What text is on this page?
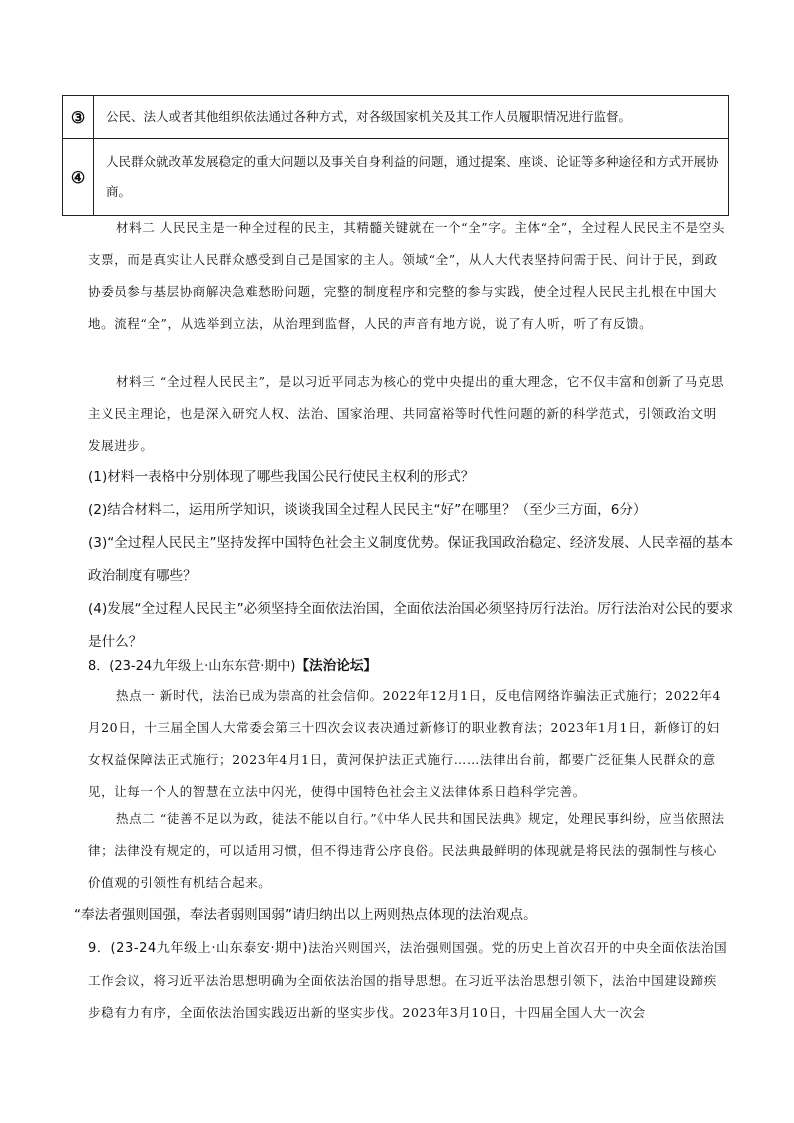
③	公民、法人或者其他组织依法通过各种方式，对各级国家机关及其工作人员履职情况进行监督。
④	人民群众就改革发展稳定的重大问题以及事关自身利益的问题，通过提案、座谈、论证等多种途径和方式开展协商。

材料二 人民民主是一种全过程的民主，其精髓关键就在一个“全”字。主体“全”，全过程人民民主不是空头支票，而是真实让人民群众感受到自己是国家的主人。领域“全”，从人大代表坚持问需于民、问计于民，到政协委员参与基层协商解决急难愁盼问题，完整的制度程序和完整的参与实践，使全过程人民民主扎根在中国大地。流程“全”，从选举到立法，从治理到监督，人民的声音有地方说，说了有人听，听了有反馈。

材料三 “全过程人民民主”，是以习近平同志为核心的党中央提出的重大理念，它不仅丰富和创新了马克思主义民主理论，也是深入研究人权、法治、国家治理、共同富裕等时代性问题的新的科学范式，引领政治文明发展进步。

(1)材料一表格中分别体现了哪些我国公民行使民主权利的形式？
(2)结合材料二，运用所学知识，谈谈我国全过程人民民主“好”在哪里？（至少三方面，6分）
(3)“全过程人民民主”坚持发挥中国特色社会主义制度优势。保证我国政治稳定、经济发展、人民幸福的基本政治制度有哪些？
(4)发展“全过程人民民主”必须坚持全面依法治国，全面依法治国必须坚持厉行法治。厉行法治对公民的要求是什么？
8．(23-24九年级上·山东东营·期中)【法治论坛】

热点一 新时代，法治已成为崇高的社会信仰。2022年12月1日，反电信网络诈骗法正式施行；2022年4月20日，十三届全国人大常委会第三十四次会议表决通过新修订的职业教育法；2023年1月1日，新修订的妇女权益保障法正式施行；2023年4月1日，黄河保护法正式施行……法律出台前，都要广泛征集人民群众的意见，让每一个人的智慧在立法中闪光，使得中国特色社会主义法律体系日趋科学完善。

热点二 “徒善不足以为政，徒法不能以自行。”《中华人民共和国民法典》规定，处理民事纠纷，应当依照法律；法律没有规定的，可以适用习惯，但不得违背公序良俗。民法典最鲜明的体现就是将民法的强制性与核心价值观的引领性有机结合起来。

“奉法者强则国强，奉法者弱则国弱”请归纳出以上两则热点体现的法治观点。
9．(23-24九年级上·山东泰安·期中)法治兴则国兴，法治强则国强。党的历史上首次召开的中央全面依法治国工作会议，将习近平法治思想明确为全面依法治国的指导思想。在习近平法治思想引领下，法治中国建设蹄疾步稳有力有序，全面依法治国实践迈出新的坚实步伐。2023年3月10日，十四届全国人大一次会
